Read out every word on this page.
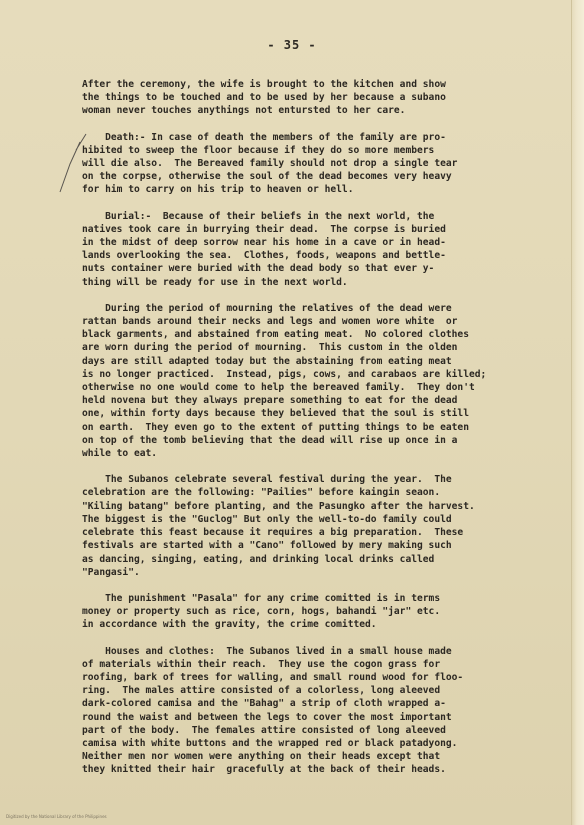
- 35 -
After the ceremony, the wife is brought to the kitchen and show
the things to be touched and to be used by her because a subano
woman never touches anythings not entursted to her care.
Death:- In case of death the members of the family are pro-
hibited to sweep the floor because if they do so more members
will die also.  The Bereaved family should not drop a single tear
on the corpse, otherwise the soul of the dead becomes very heavy
for him to carry on his trip to heaven or hell.
Burial:-  Because of their beliefs in the next world, the
natives took care in burrying their dead.  The corpse is buried
in the midst of deep sorrow near his home in a cave or in head-
lands overlooking the sea.  Clothes, foods, weapons and bettle-
nuts container were buried with the dead body so that ever y-
thing will be ready for use in the next world.
During the period of mourning the relatives of the dead were
rattan bands around their necks and legs and women wore white  or
black garments, and abstained from eating meat.  No colored clothes
are worn during the period of mourning.  This custom in the olden
days are still adapted today but the abstaining from eating meat
is no longer practiced.  Instead, pigs, cows, and carabaos are killed;
otherwise no one would come to help the bereaved family.  They don't
held novena but they always prepare something to eat for the dead
one, within forty days because they believed that the soul is still
on earth.  They even go to the extent of putting things to be eaten
on top of the tomb believing that the dead will rise up once in a
while to eat.
The Subanos celebrate several festival during the year.  The
celebration are the following: "Pailies" before kaingin seaon.
"Kiling batang" before planting, and the Pasungko after the harvest.
The biggest is the "Guclog" But only the well-to-do family could
celebrate this feast because it requires a big preparation.  These
festivals are started with a "Cano" followed by mery making such
as dancing, singing, eating, and drinking local drinks called
"Pangasi".
The punishment "Pasala" for any crime comitted is in terms
money or property such as rice, corn, hogs, bahandi "jar" etc.
in accordance with the gravity, the crime comitted.
Houses and clothes:  The Subanos lived in a small house made
of materials within their reach.  They use the cogon grass for
roofing, bark of trees for walling, and small round wood for floo-
ring.  The males attire consisted of a colorless, long aleeved
dark-colored camisa and the "Bahag" a strip of cloth wrapped a-
round the waist and between the legs to cover the most important
part of the body.  The females attire consisted of long aleeved
camisa with white buttons and the wrapped red or black patadyong.
Neither men nor women were anything on their heads except that
they knitted their hair  gracefully at the back of their heads.
Digitized by the National Library of the Philippines
